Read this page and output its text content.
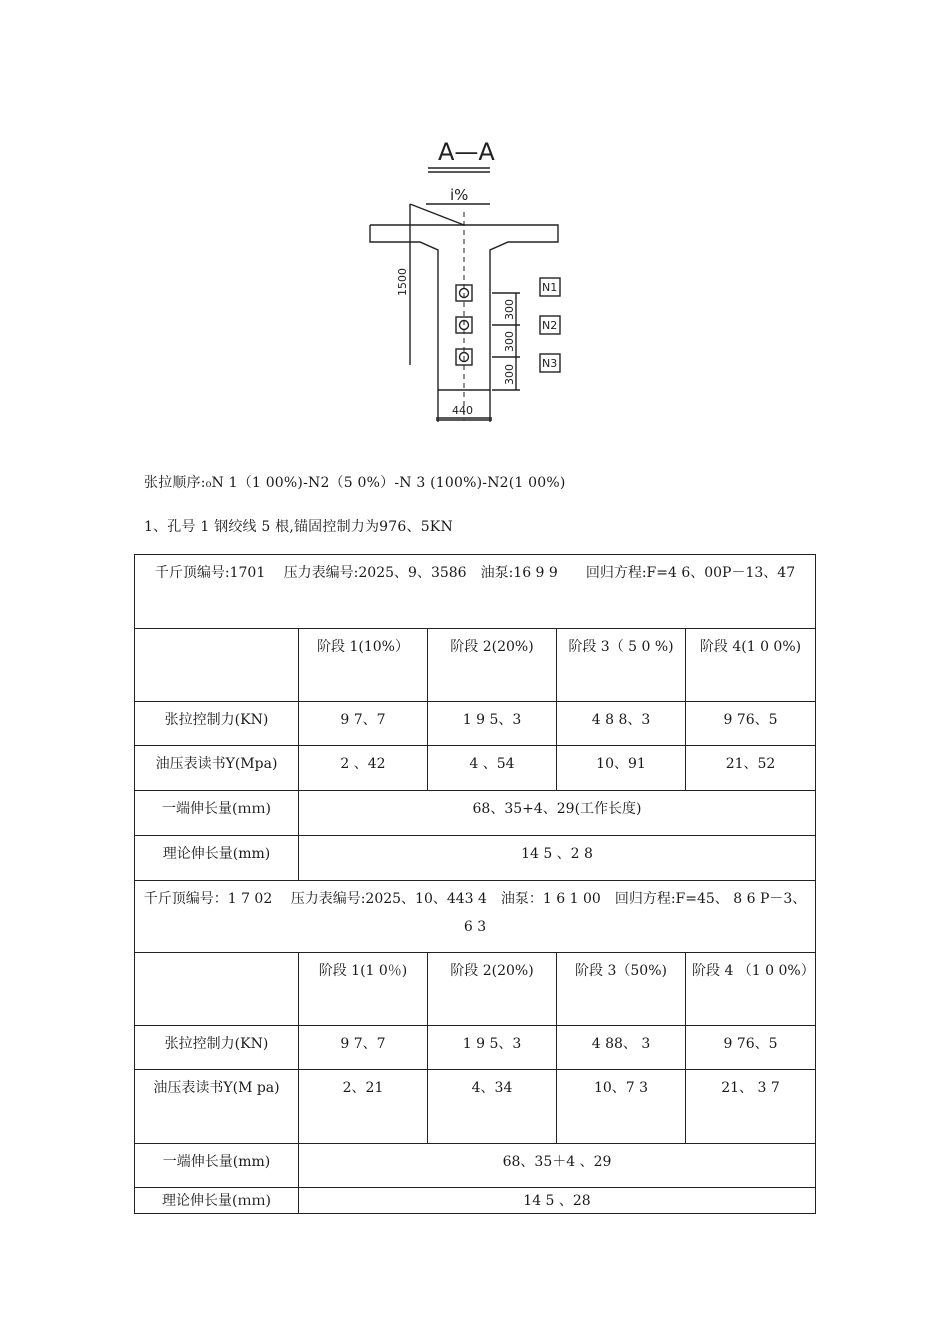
A—A
i%
1500
300
300
300
440
N1
N2
N3
张拉顺序:₀N 1（1 00%)-N2（5 0%）-N 3 (100%)-N2(1 00%)
1、孔号 1 钢绞线 5 根,锚固控制力为976、5KN
千斤顶编号:1701　 压力表编号:2025、9、3586　油泵:16 9 9　　回归方程:F=4 6、00P－13、47				
	阶段 1(10%）	阶段 2(20%)	阶段 3（ 5 0 %)	阶段 4(1 0 0%)
张拉控制力(KN)	9 7、7	1 9 5、3	4 8 8、3	9 76、5
油压表读书Y(Mpa)	2 、42	4 、54	10、91	21、52
一端伸长量(ｍｍ)	68、35+4、29(工作长度)			
理论伸长量(mm)	14 5 、2 8			
千斤顶编号：1 7 02　 压力表编号:2025、10、443 4　油泵：1 6 1 00　回归方程:F=45、 8 6 P－3、6 3				
	阶段 1(1 0％)	阶段 2(20%)	阶段 3（50%)	阶段 4 （1 0 0%）
张拉控制力(KN)	9 7、7	1 9 5、3	4 88、 3	9 76、5
油压表读书Y(M pa)	2、21	4、34	10、7 3	21、 3 7
一端伸长量(mm)	68、35＋4 、29			
理论伸长量(ｍｍ)	14 5 、28			
